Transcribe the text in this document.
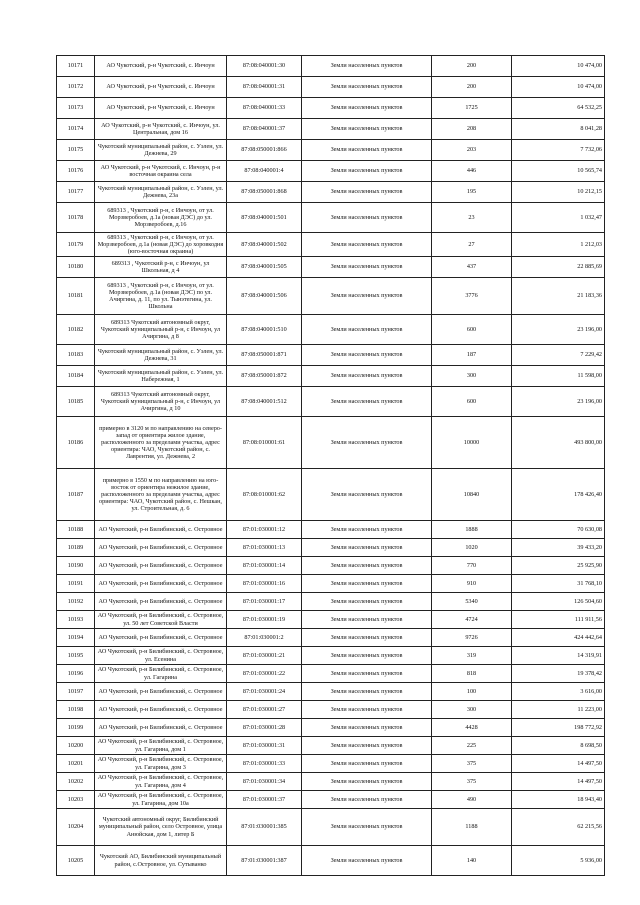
10171	АО Чукотский, р-н Чукотский, с. Инчоун	87:08:040001:30	Земли населенных пунктов	200	10 474,00
10172	АО Чукотский, р-н Чукотский, с. Инчоун	87:08:040001:31	Земли населенных пунктов	200	10 474,00
10173	АО Чукотский, р-н Чукотский, с. Инчоун	87:08:040001:33	Земли населенных пунктов	1725	64 532,25
10174	АО Чукотский, р-н Чукотский, с. Инчоун, ул. Центральная, дом 16	87:08:040001:37	Земли населенных пунктов	208	8 041,28
10175	Чукотский муниципальный район, с. Уэлен, ул. Дежнева, 29	87:08:050001:866	Земли населенных пунктов	203	7 732,06
10176	АО Чукотский, р-н Чукотский, с. Инчоун, р-н восточная окраина села	87:08:040001:4	Земли населенных пунктов	446	10 565,74
10177	Чукотский муниципальный район, с. Уэлен, ул. Дежнева, 23а	87:08:050001:868	Земли населенных пунктов	195	10 212,15
10178	689313 , Чукотский р-н, с Инчоун, от ул. Морзверобоев, д.1а (новая ДЭС) до ул. Морзверобоев, д.16	87:08:040001:501	Земли населенных пунктов	23	1 032,47
10179	689313 , Чукотский р-н, с Инчоун, от ул. Морзверобоев, д.1а (новая ДЭС) до хоровкодня (юго-восточная окраина)	87:08:040001:502	Земли населенных пунктов	27	1 212,03
10180	689313 , Чукотский р-н, с Инчоун, ул Школьная, д 4	87:08:040001:505	Земли населенных пунктов	437	22 885,69
10181	689313 , Чукотский р-н, с Инчоун, от ул. Морзверобоев, д.1а (новая ДЭС) по ул. Ачиргина, д. 11, по ул. Тынэтегина, ул. Школьна	87:08:040001:506	Земли населенных пунктов	3776	21 183,36
10182	689313 Чукотский автономный округ, Чукотский муниципальный р-н, с Инчоун, ул Ачиргина, д 8	87:08:040001:510	Земли населенных пунктов	600	23 196,00
10183	Чукотский муниципальный район, с. Уэлен, ул. Дежнева, 31	87:08:050001:871	Земли населенных пунктов	187	7 229,42
10184	Чукотский муниципальный район, с. Уэлен, ул. Набережная, 1	87:08:050001:872	Земли населенных пунктов	300	11 598,00
10185	689313 Чукотский автономный округ, Чукотский муниципальный р-н, с Инчоун, ул Ачиргина, д 10	87:08:040001:512	Земли населенных пунктов	600	23 196,00
10186	примерно в 3120 м по направлению на северо-запад от ориентира жилое здание, расположенного за пределами участка, адрес ориентира: ЧАО, Чукотский район, с. Лаврентия, ул. Дежнева, 2	87:08:010001:61	Земли населенных пунктов	10000	493 800,00
10187	примерно в 1550 м по направлению на юго-восток от ориентира нежилое здание, расположенного за пределами участка, адрес ориентира: ЧАО, Чукотский район, с. Нешкан, ул. Строительная, д. 6	87:08:010001:62	Земли населенных пунктов	10840	178 426,40
10188	АО Чукотский, р-н Билибинский, с. Островное	87:01:030001:12	Земли населенных пунктов	1888	70 630,08
10189	АО Чукотский, р-н Билибинский, с. Островное	87:01:030001:13	Земли населенных пунктов	1020	39 433,20
10190	АО Чукотский, р-н Билибинский, с. Островное	87:01:030001:14	Земли населенных пунктов	770	25 925,90
10191	АО Чукотский, р-н Билибинский, с. Островное	87:01:030001:16	Земли населенных пунктов	910	31 768,10
10192	АО Чукотский, р-н Билибинский, с. Островное	87:01:030001:17	Земли населенных пунктов	5340	126 504,60
10193	АО Чукотский, р-н Билибинский, с. Островное, ул. 50 лет Советской Власти	87:01:030001:19	Земли населенных пунктов	4724	111 911,56
10194	АО Чукотский, р-н Билибинский, с. Островное	87:01:030001:2	Земли населенных пунктов	9726	424 442,64
10195	АО Чукотский, р-н Билибинский, с. Островное, ул. Есенина	87:01:030001:21	Земли населенных пунктов	319	14 319,91
10196	АО Чукотский, р-н Билибинский, с. Островное, ул. Гагарина	87:01:030001:22	Земли населенных пунктов	818	19 378,42
10197	АО Чукотский, р-н Билибинский, с. Островное	87:01:030001:24	Земли населенных пунктов	100	3 616,00
10198	АО Чукотский, р-н Билибинский, с. Островное	87:01:030001:27	Земли населенных пунктов	300	11 223,00
10199	АО Чукотский, р-н Билибинский, с. Островное	87:01:030001:28	Земли населенных пунктов	4428	198 772,92
10200	АО Чукотский, р-н Билибинский, с. Островное, ул. Гагарина, дом 1	87:01:030001:31	Земли населенных пунктов	225	8 698,50
10201	АО Чукотский, р-н Билибинский, с. Островное, ул. Гагарина, дом 3	87:01:030001:33	Земли населенных пунктов	375	14 497,50
10202	АО Чукотский, р-н Билибинский, с. Островное, ул. Гагарина, дом 4	87:01:030001:34	Земли населенных пунктов	375	14 497,50
10203	АО Чукотский, р-н Билибинский, с. Островное, ул. Гагарина, дом 10а	87:01:030001:37	Земли населенных пунктов	490	18 943,40
10204	Чукотский автономный округ, Билибинский муниципальный район, село Островное, улица Анюйская, дом 1, литер Б	87:01:030001:385	Земли населенных пунктов	1188	62 215,56
10205	Чукотский АО, Билибинский муниципальный район, с.Островное, ул. Сутыванко	87:01:030001:387	Земли населенных пунктов	140	5 936,00
